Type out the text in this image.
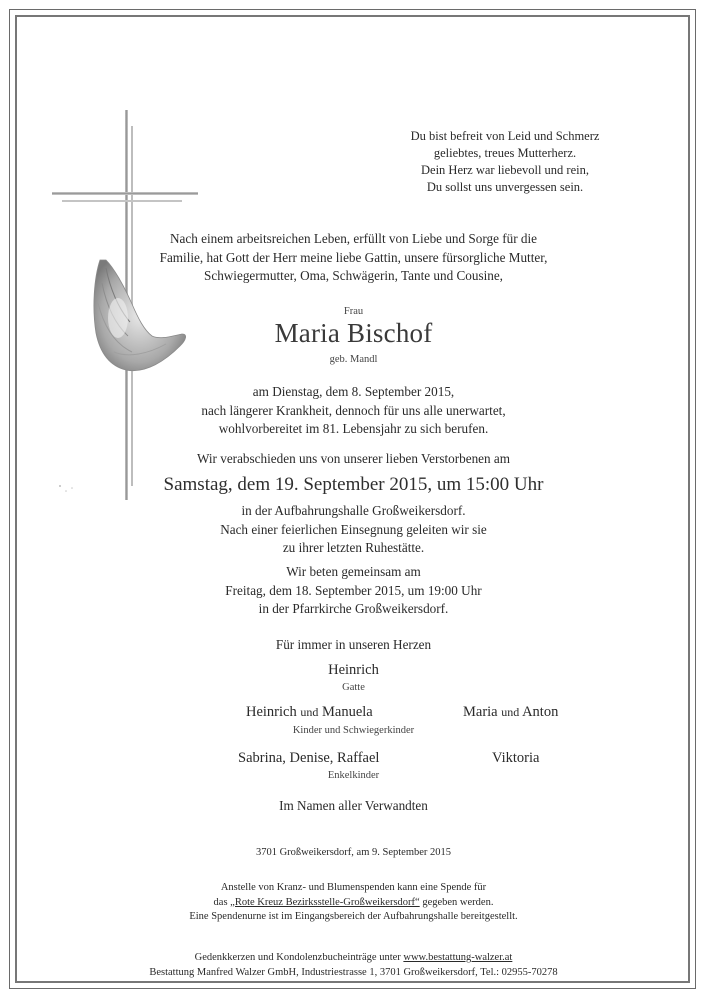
Du bist befreit von Leid und Schmerz
geliebtes, treues Mutterherz.
Dein Herz war liebevoll und rein,
Du sollst uns unvergessen sein.
Nach einem arbeitsreichen Leben, erfüllt von Liebe und Sorge für die
Familie, hat Gott der Herr meine liebe Gattin, unsere fürsorgliche Mutter,
Schwiegermutter, Oma, Schwägerin, Tante und Cousine,
Frau
Maria Bischof
geb. Mandl
am Dienstag, dem 8. September 2015,
nach längerer Krankheit, dennoch für uns alle unerwartet,
wohlvorbereitet im 81. Lebensjahr zu sich berufen.
Wir verabschieden uns von unserer lieben Verstorbenen am
Samstag, dem 19. September 2015, um 15:00 Uhr
in der Aufbahrungshalle Großweikersdorf.
Nach einer feierlichen Einsegnung geleiten wir sie
zu ihrer letzten Ruhestätte.
Wir beten gemeinsam am
Freitag, dem 18. September 2015, um 19:00 Uhr
in der Pfarrkirche Großweikersdorf.
Für immer in unseren Herzen
Heinrich
Gatte
Heinrich und Manuela	Maria und Anton
Kinder und Schwiegerkinder
Sabrina, Denise, Raffael	Viktoria
Enkelkinder
Im Namen aller Verwandten
3701 Großweikersdorf, am 9. September 2015
Anstelle von Kranz- und Blumenspenden kann eine Spende für
das „Rote Kreuz Bezirksstelle-Großweikersdorf“ gegeben werden.
Eine Spendenurne ist im Eingangsbereich der Aufbahrungshalle bereitgestellt.
Gedenkkerzen und Kondolenzbucheinträge unter www.bestattung-walzer.at
Bestattung Manfred Walzer GmbH, Industriestrasse 1, 3701 Großweikersdorf, Tel.: 02955-70278
